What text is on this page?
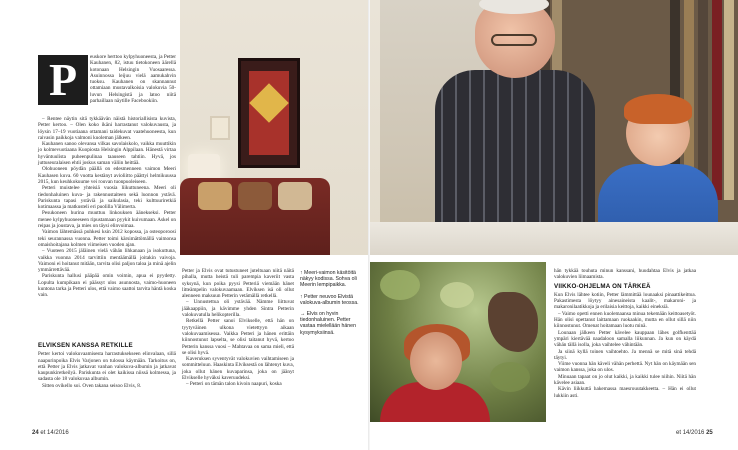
P	euskore herttoo kylpyhuoneesta, ja Petter Kauhanen, 82, istuu tietokoneen äärellä kotonaan Helsingin Vuosaaressa. Asuinnossa leijuu vielä aamukahvin tuoksu. Kauhanen on skannannut ottamiaan mustavalkoisia valokuvia 50-luvun Helsingistä ja latoo niitä parhaillaan näytille Facebookiin.

– Rentee näytin sitä tykkäävän näistä historiallisista kuvista, Petter kertoo. – Olen koko ikäni harrastanut valokuvausta, ja löysin 17–19 vuotiaana ottamani taidekuvat vaatehuoneesta, kun raivasin paikkoja valmoni kuoleman jälkeen.

Kauhanen sanoo olevansa vilkas savolaiskolo, vaikka muuttikin jo kolmevuotiaana Kuopiosta Helsingin Alppilaan. Hänestä virtaa hyväntuulista puheenpulinaa taauseen tahtiin. Hyvä, jos juttuseuralaisen ehtii joskus saman väliin heittää.

Olohuoneen pöydän päällä on edesmenneen vaimon Meeri Kauhasen kuva. 60 vuotta kestänyt avioliitto päättyi helmikuussa 2015, kun keuhkokuume vei rouvan tuonpuoleiseen.

Petteri muistelee yhteisiä vuosia liikuttuneena. Meeri oli tiedonhaluinen kuva- ja rakennustaiteen sekä luonnon ystävä. Pariskunta tapasi ystäviä ja saikulasia, teki kulttuuriretkiä kotimaassa ja matkusteli eri puolilla Välimerta.

Pesukoneen hurina muuttuu linkouksen äänekseksi. Petter menee kylpyhuoneeseen ripustamaan pyykit kuivumaan. Askel on reipas ja joustava, ja mies on täysi elinvoimaa.

Vaimon lähtemässä puhkesi ksin 2012 kopossa, ja osteoporoosi teki seurannassa vuonna. Petter toimi kärsimättömällä vaimonsa omaishoitajana kolmen viimeisen vuoden ajan.

– Vuoteen 2015 jäläinen vielä vähän lihkanaan ja isokuttuna, vaikka vuonna 2014 tarvittiin mentäämällä joitakin vaivoja. Vaimoni ei hoitanut mitään, tarvita olisi paljon taloa ja minä ajelin ymmärrettävää.

Pariskunta hallusi pääpää omin voimin, apua ei pyydetty. Lopulta kumpikaan ei päässyt ulos asunnosta, vaimo-huoneen kuntona tarka ja Petteri ulos, että vaimo saattoi tarvita häntä koska vain.

ELVIKSEN KANSSA RETKILLE

Petter kertoi valokuvaamisesta harrastuksekseen elinvalaan, sillä naapurinpoika Elvis Varjonen on tulossa käymään. Tarkoitus on, että Petter ja Elvis jatkavat vanhan valokuva-albumin ja jatkavat kaupunkiretkeilyä. Pariskunta ei olet kaikissa niissä kolmessa, ja sadasta ole 18 valokuvaa albumin.

Sitten ovikello soi. Oven takana seisoo Elvis, 8.

Petter ja Elvis ovat tutustuneet juteltuaan niitä näitä pihalla, mutta heistä tuli parempia kaveriit vasta syksynä, kun poika pyysi Petteriä viemään hänet litteämpelin valokuvaamaan. Elviksen isä oli ollut alenneen maksuun Petterin vetämällä retkellä.

– Unnustettua oli ystävää. Nämme liittuvat jääkaappiin, ja kävimme yhden Sintra Petterin valokuvatulla helikopterilla.

Retkellä Petter sanoi Elvikselle, että hän on tyytyväinen ulkona vietettyyn aikaan valokuvaamisessa. Vaikka Petteri ja hänen erittäin kiinnostunut lapselta, se olisi taitanut hyvä, kertoo Petterin kanssa vuosi – Mahtavaa on sama mieli, että se olisi hyvä.

Kaveruksen syventyvät valokuvien vaihtamiseen ja sommitteluun. Haaskinta Elviksestä on lähtenyt kuva, joka ollut hänen kuvaparinsa, joka on jäänyt Elvikselle hyväksi kaveruudeksi.

– Petteri on tämän talon kivoin naapuri, koska

↑ Meeri-vaimon käsitöitä näkyy kodissa. Sohva oli Meerin lempipaikka.
↑ Petter neuvoo Elvistä valokuva-albumin teossa.
→ Elvis on hyvin tiedonhaluinen. Petter vastaa mielellään hänen kysymyksiinsä.

hän tykkää touhuta minun kanssani, huudahtaa Elvis ja jatkaa valokuvien liimaamista.

VIIKKO-OHJELMA ON TÄRKEÄ

Kun Elvis lähtee kotiin, Petter lämmittää lounaaksi pinaattikeittoa. Pakastimesta löytyy ainesaineista kaalit-, makaroni- ja makaronilaatikkoja ja erilaisia keittoja, kaikki eineksiä.

– Vaimo opetti ennen kuolemaansa minua tekemään keittoasetyöt. Hän olisi opettanut laittamaan ruokaakin, mutta en ollut sillä niin kiinnostunut. Omenat hoitamaan luotu minä.

Lounaan jälkeen Petter kävelee kauppaan lähes golfkenttää ympäri kiertävää naadaloon samalla liikunnan. Ja kun on käydä vähän tällä isolla, joka vaihtelee vähintään.

Ja siinä kyllä toinen vaihtoehto. Ja mennä se mitä sinä tehdä täytyi.

Viime vuonna hän käveli vähän perhettä. Nyt hän on käymään sen vaimon kanssa, joka on ulos.

Minuaan tapaat on jo olut kaikki, ja kaikki tulee niihin. Niitä hän kävelee asiaan.

Kävin liikkuttä hakemassa maesrouutakkeetta. – Hän ei ollut lukkiin asti.

24 et 14/2016	et 14/2016 25
